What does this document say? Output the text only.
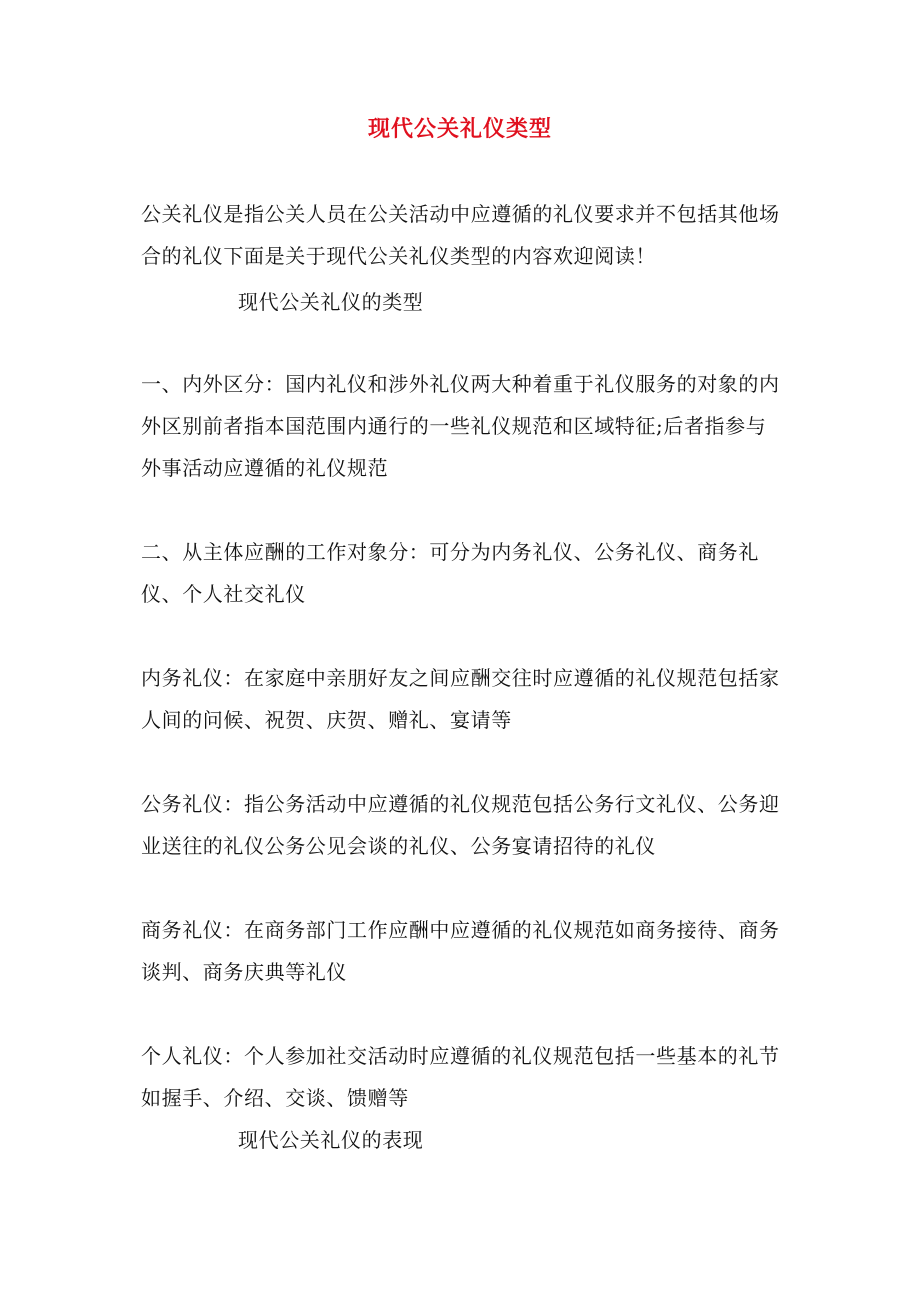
现代公关礼仪类型

公关礼仪是指公关人员在公关活动中应遵循的礼仪要求并不包括其他场合的礼仪下面是关于现代公关礼仪类型的内容欢迎阅读！

现代公关礼仪的类型

一、内外区分：国内礼仪和涉外礼仪两大种着重于礼仪服务的对象的内外区别前者指本国范围内通行的一些礼仪规范和区域特征;后者指参与外事活动应遵循的礼仪规范

二、从主体应酬的工作对象分：可分为内务礼仪、公务礼仪、商务礼仪、个人社交礼仪

内务礼仪：在家庭中亲朋好友之间应酬交往时应遵循的礼仪规范包括家人间的问候、祝贺、庆贺、赠礼、宴请等

公务礼仪：指公务活动中应遵循的礼仪规范包括公务行文礼仪、公务迎业送往的礼仪公务公见会谈的礼仪、公务宴请招待的礼仪

商务礼仪：在商务部门工作应酬中应遵循的礼仪规范如商务接待、商务谈判、商务庆典等礼仪

个人礼仪：个人参加社交活动时应遵循的礼仪规范包括一些基本的礼节如握手、介绍、交谈、馈赠等

现代公关礼仪的表现
